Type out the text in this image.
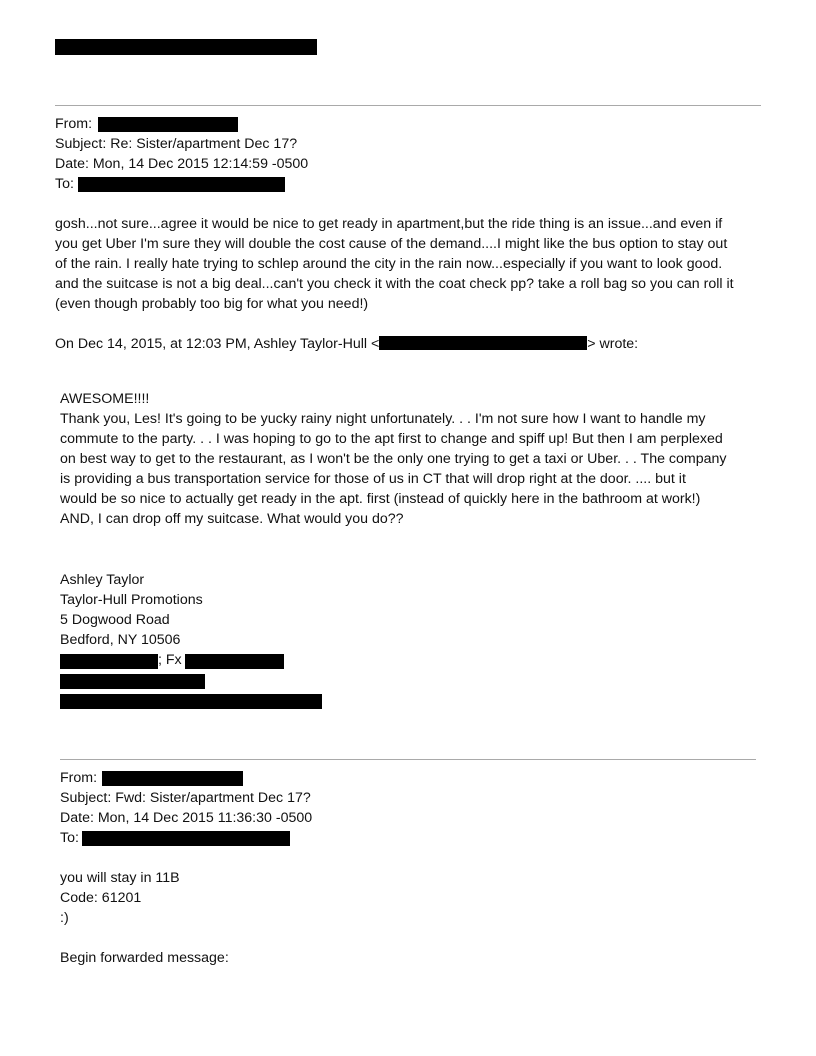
From:
Subject: Re: Sister/apartment Dec 17?
Date: Mon, 14 Dec 2015 12:14:59 -0500
To:

gosh...not sure...agree it would be nice to get ready in apartment,but the ride thing is an issue...and even if

you get Uber I'm sure they will double the cost cause of the demand....I might like the bus option to stay out

of the rain. I really hate trying to schlep around the city in the rain now...especially if you want to look good.

and the suitcase is not a big deal...can't you check it with the coat check pp? take a roll bag so you can roll it

(even though probably too big for what you need!)

On Dec 14, 2015, at 12:03 PM, Ashley Taylor-Hull <	> wrote:
AWESOME!!!!

Thank you, Les! It's going to be yucky rainy night unfortunately. . . I'm not sure how I want to handle my

commute to the party. . . I was hoping to go to the apt first to change and spiff up! But then I am perplexed

on best way to get to the restaurant, as I won't be the only one trying to get a taxi or Uber. . . The company

is providing a bus transportation service for those of us in CT that will drop right at the door. .... but it

would be so nice to actually get ready in the apt. first (instead of quickly here in the bathroom at work!)

AND, I can drop off my suitcase. What would you do??

Ashley Taylor
Taylor-Hull Promotions
5 Dogwood Road
Bedford, NY 10506
; Fx
From:
Subject: Fwd: Sister/apartment Dec 17?
Date: Mon, 14 Dec 2015 11:36:30 -0500
To:

you will stay in 11B

Code: 61201

:)

Begin forwarded message:
